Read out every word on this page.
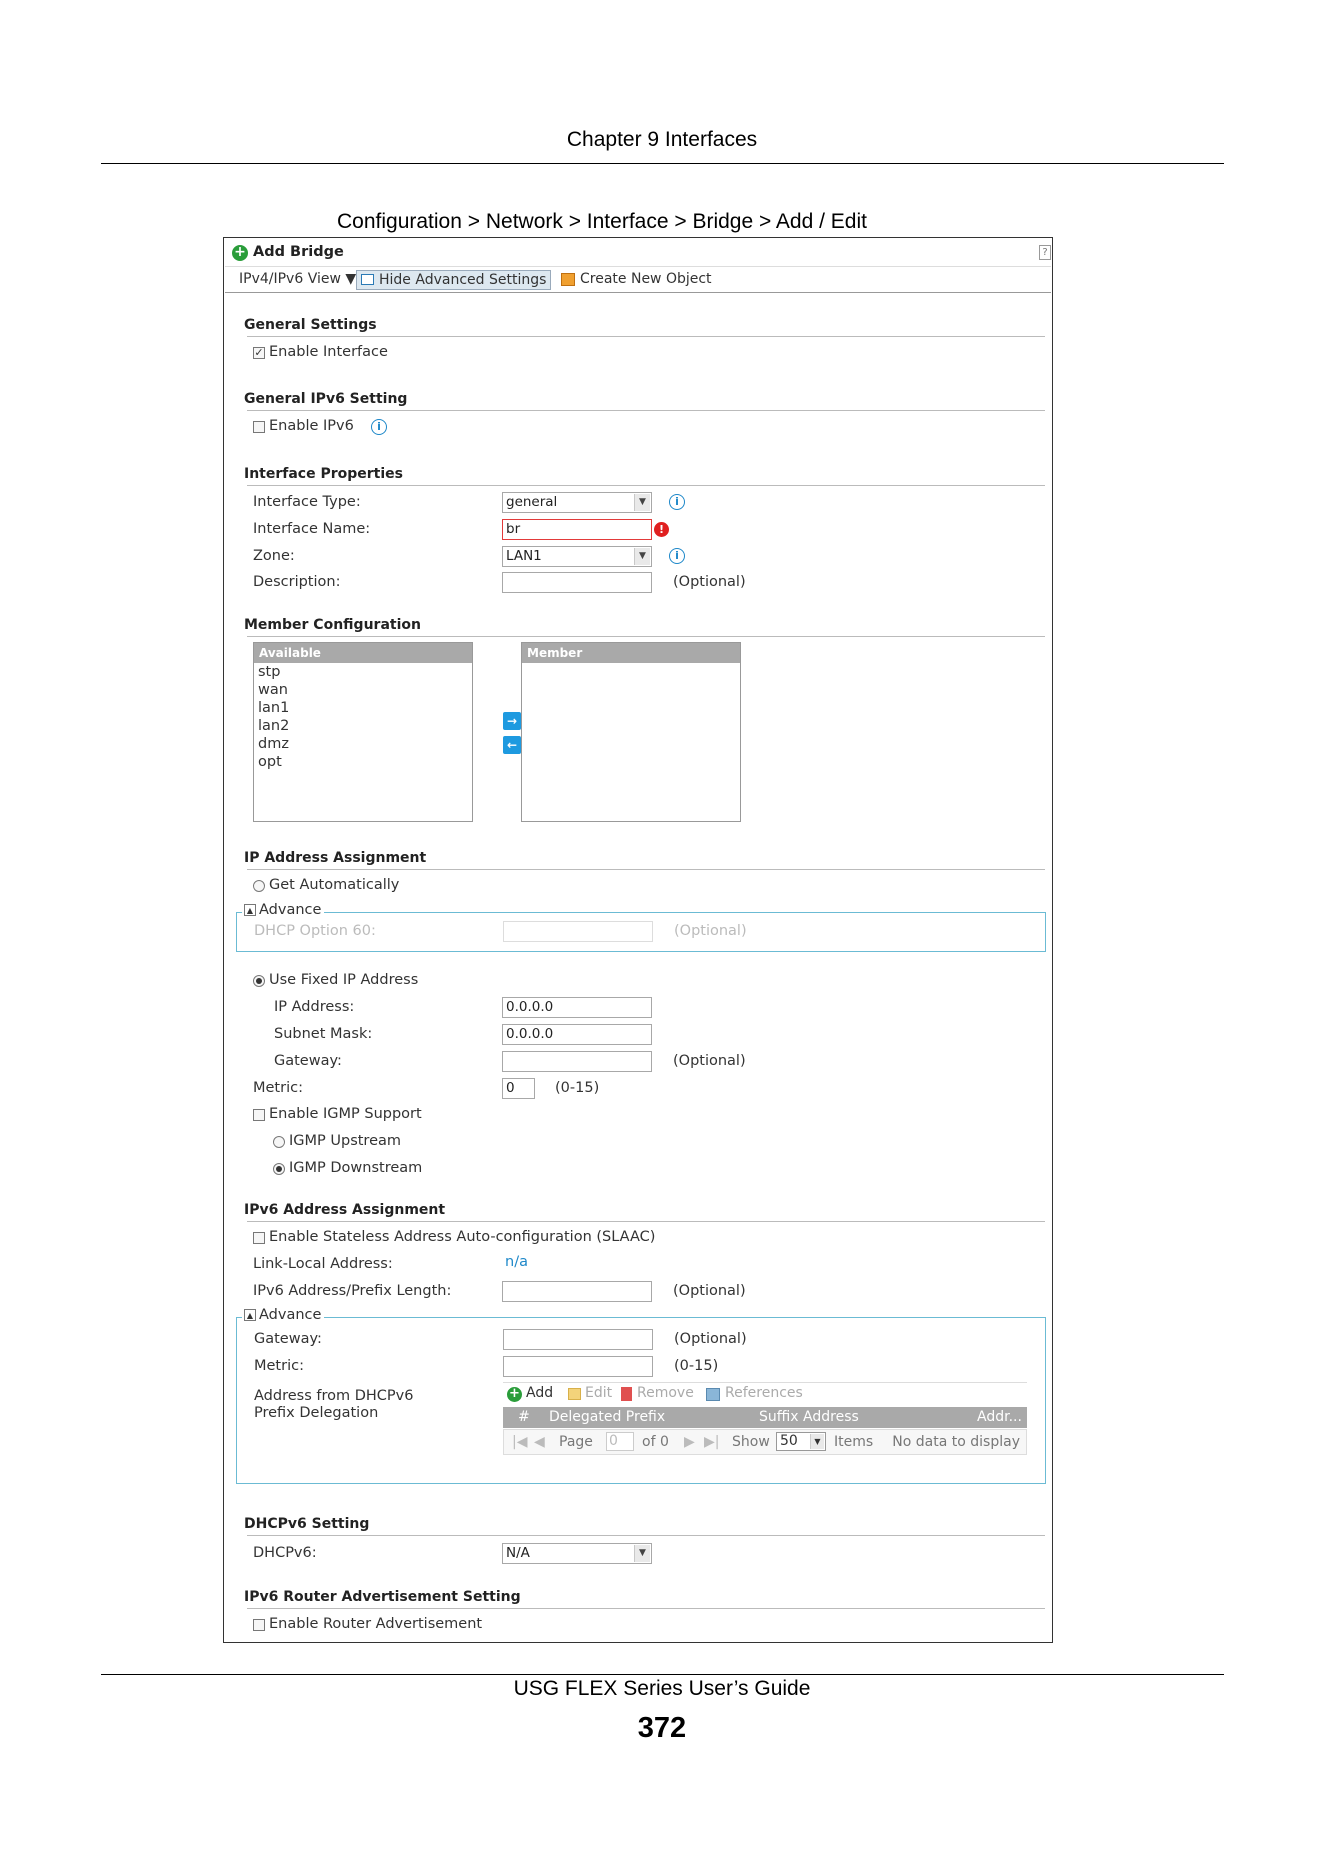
Chapter 9 Interfaces
Configuration > Network > Interface > Bridge > Add / Edit
+ Add Bridge	?
IPv4/IPv6 View ▼	Hide Advanced Settings	Create New Object
General Settings
✓ Enable Interface
General IPv6 Setting
Enable IPv6	i
Interface Properties
Interface Type:	general	▼	i
Interface Name:	br	!
Zone:	LAN1	▼	i
Description:	(Optional)
Member Configuration
Available
stp
wan
lan1
lan2
dmz
opt
→
←
Member
IP Address Assignment
Get Automatically
▲ Advance
DHCP Option 60:	(Optional)
Use Fixed IP Address
IP Address:	0.0.0.0
Subnet Mask:	0.0.0.0
Gateway:	(Optional)
Metric:	0	(0-15)
Enable IGMP Support
IGMP Upstream
IGMP Downstream
IPv6 Address Assignment
Enable Stateless Address Auto-configuration (SLAAC)
Link-Local Address:	n/a
IPv6 Address/Prefix Length:	(Optional)
▲ Advance
Gateway:	(Optional)
Metric:	(0-15)
Address from DHCPv6 Prefix Delegation
+ Add Edit Remove References
# Delegated Prefix	Suffix Address	Addr...
|◀ ◀ Page 0	of 0 ▶ ▶| Show 50	▼ Items No data to display
DHCPv6 Setting
DHCPv6:	N/A	▼
IPv6 Router Advertisement Setting
Enable Router Advertisement
USG FLEX Series User’s Guide
372
